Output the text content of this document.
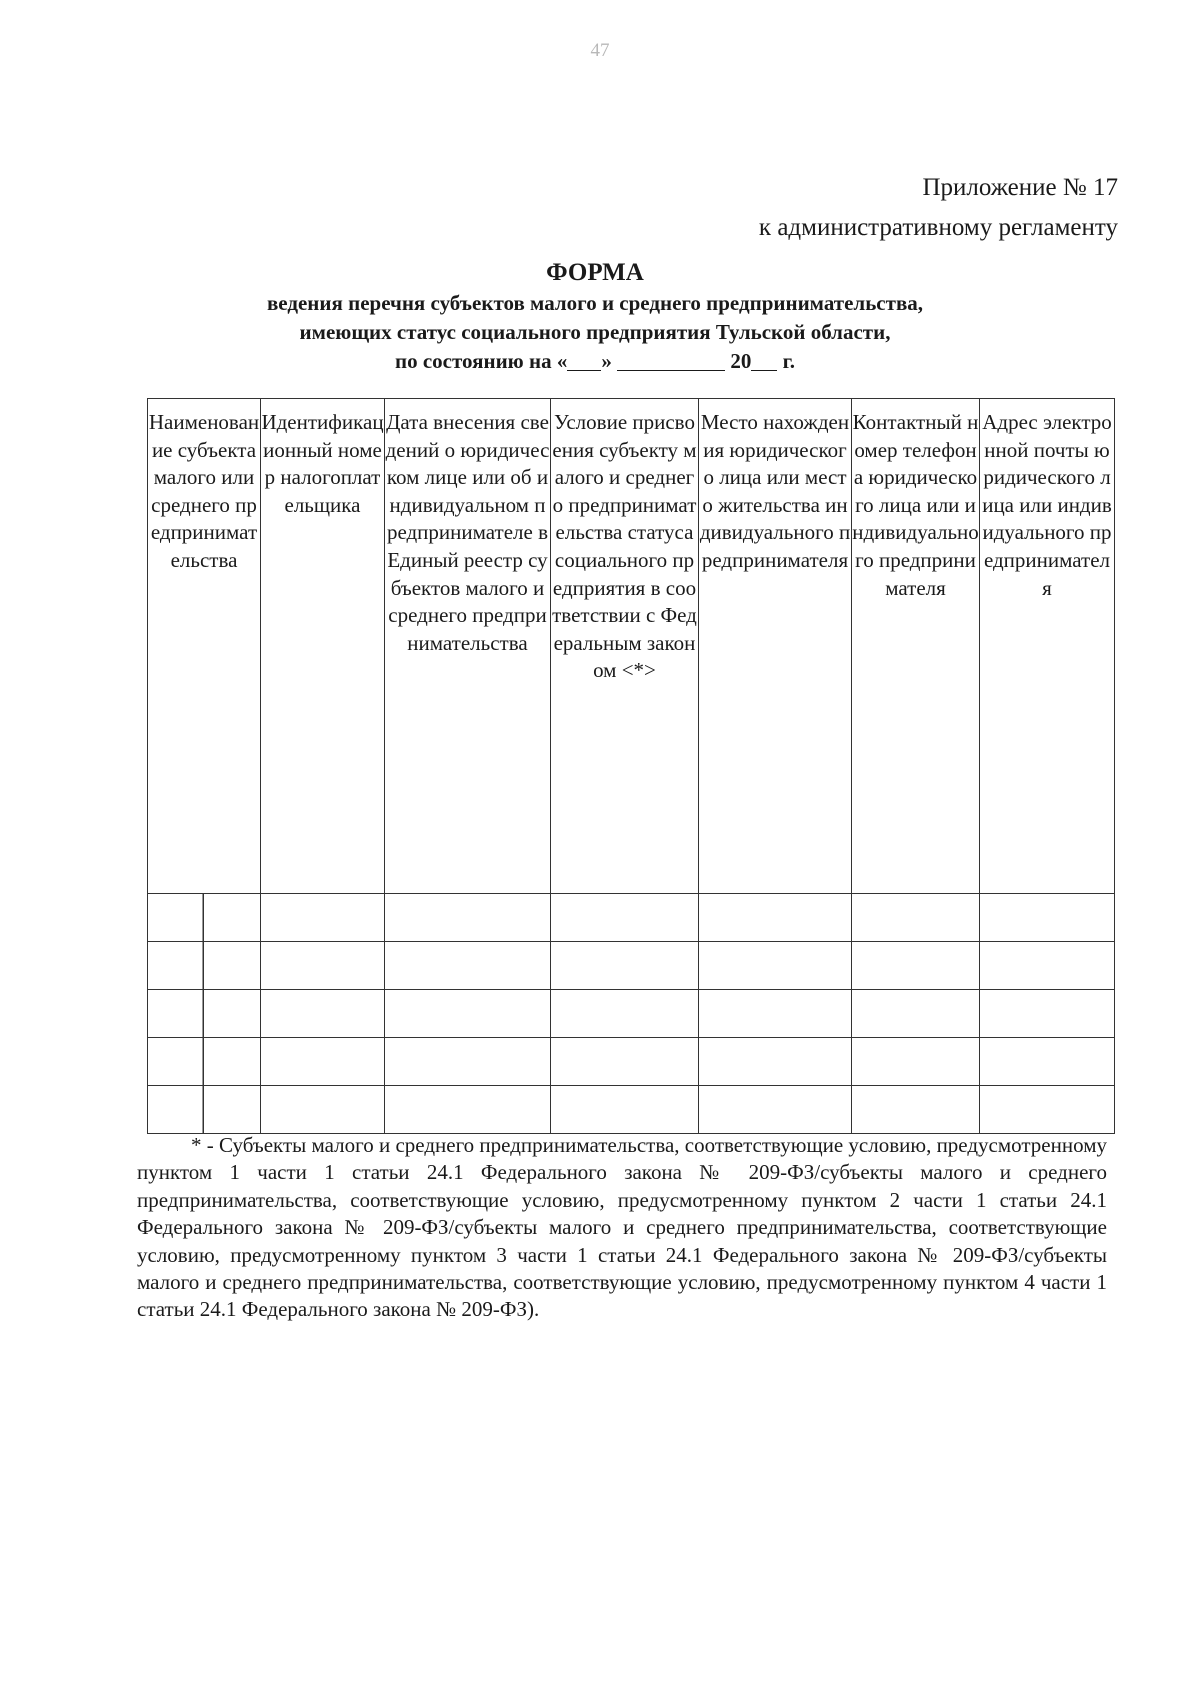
47
Приложение № 17
к административному регламенту
ФОРМА
ведения перечня субъектов малого и среднего предпринимательства,
имеющих статус социального предприятия Тульской области,
по состоянию на « »	20 г.
Наименование субъекта малого или среднего предпринимательства	Идентификационный номер налогоплательщика	Дата внесения сведений о юридическом лице или об индивидуальном предпринимателе в Единый реестр субъектов малого и среднего предпринимательства	Условие присвоения субъекту малого и среднего предпринимательства статуса социального предприятия в соответствии с Федеральным законом <*>	Место нахождения юридического лица или место жительства индивидуального предпринимателя	Контактный номер телефона юридического лица или индивидуального предпринимателя	Адрес электронной почты юридического лица или индивидуального предпринимателя

* - Субъекты малого и среднего предпринимательства, соответствующие условию, предусмотренному пунктом 1 части 1 статьи 24.1 Федерального закона № 209-ФЗ/субъекты малого и среднего предпринимательства, соответствующие условию, предусмотренному пунктом 2 части 1 статьи 24.1 Федерального закона № 209-ФЗ/субъекты малого и среднего предпринимательства, соответствующие условию, предусмотренному пунктом 3 части 1 статьи 24.1 Федерального закона № 209-ФЗ/субъекты малого и среднего предпринимательства, соответствующие условию, предусмотренному пунктом 4 части 1 статьи 24.1 Федерального закона № 209-ФЗ).
